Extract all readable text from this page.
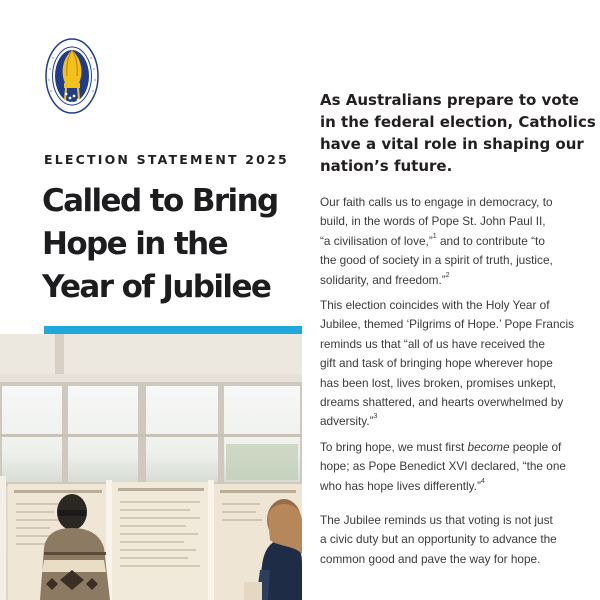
ELECTION STATEMENT 2025
Called to Bring
Hope in the
Year of Jubilee
As Australians prepare to vote
in the federal election, Catholics
have a vital role in shaping our
nation’s future.
Our faith calls us to engage in democracy, to
build, in the words of Pope St. John Paul II,
“a civilisation of love,”$^1$ and to contribute “to
the good of society in a spirit of truth, justice,
solidarity, and freedom.”$^2$
This election coincides with the Holy Year of
Jubilee, themed ‘Pilgrims of Hope.’ Pope Francis
reminds us that “all of us have received the
gift and task of bringing hope wherever hope
has been lost, lives broken, promises unkept,
dreams shattered, and hearts overwhelmed by
adversity.”$^3$
To bring hope, we must first become people of
hope; as Pope Benedict XVI declared, “the one
who has hope lives differently.”$^4$
The Jubilee reminds us that voting is not just
a civic duty but an opportunity to advance the
common good and pave the way for hope.
